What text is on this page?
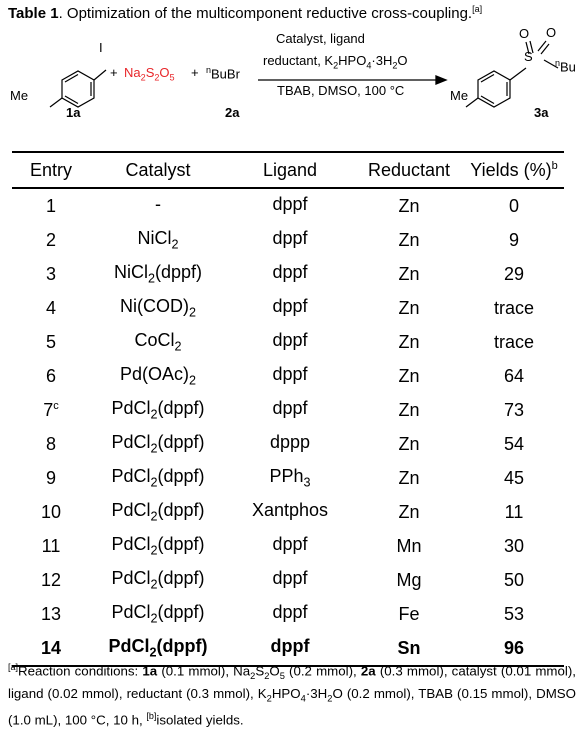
Table 1. Optimization of the multicomponent reductive cross-coupling.[a]
I
Me
+ $Na_2S_2O_5$ + $^n$BuBr
Catalyst, ligand
reductant, $K_2HPO_4\cdot 3H_2O$
TBAB, DMSO, 100 °C	Me
S
O O
$^n$Bu
1a	2a	3a
Entry	Catalyst	Ligand	Reductant	Yields (%)$^b$
1	-	dppf	Zn	0
2	NiCl$_2$	dppf	Zn	9
3	NiCl$_2$(dppf)	dppf	Zn	29
4	$Ni(COD)_2$	dppf	Zn	trace
5	CoCl$_2$	dppf	Zn	trace
6	$Pd(OAc)_2$	dppf	Zn	64
7$^c$	PdCl$_2$(dppf)	dppf	Zn	73
8	PdCl$_2$(dppf)	dppp	Zn	54
9	PdCl$_2$(dppf)	PPh$_3$	Zn	45
10	PdCl$_2$(dppf)	Xantphos	Zn	11
11	PdCl$_2$(dppf)	dppf	Mn	30
12	PdCl$_2$(dppf)	dppf	Mg	50
13	PdCl$_2$(dppf)	dppf	Fe	53
14	PdCl$_2$(dppf)	dppf	Sn	96
[a]Reaction conditions: 1a (0.1 mmol), $Na_2S_2O_5$ (0.2 mmol), 2a (0.3 mmol), catalyst (0.01 mmol), ligand (0.02 mmol), reductant (0.3 mmol), $K_2HPO_4\cdot 3H_2O$ (0.2 mmol), TBAB (0.15 mmol), DMSO (1.0 mL), 100 °C, 10 h, [b]isolated yields.
